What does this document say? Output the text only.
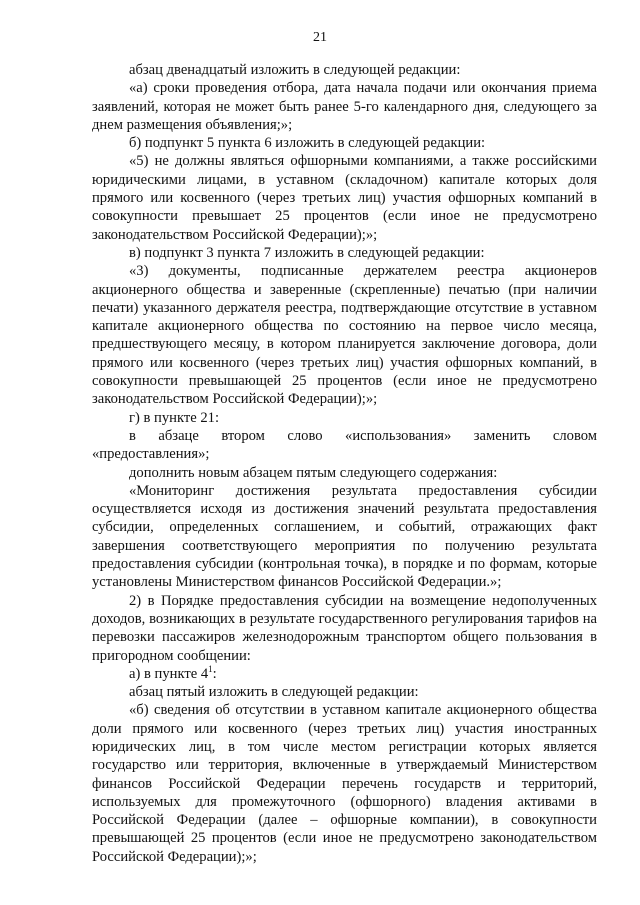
21

абзац двенадцатый изложить в следующей редакции:

«а) сроки проведения отбора, дата начала подачи или окончания приема заявлений, которая не может быть ранее 5-го календарного дня, следующего за днем размещения объявления;»;

б) подпункт 5 пункта 6 изложить в следующей редакции:

«5) не должны являться офшорными компаниями, а также российскими юридическими лицами, в уставном (складочном) капитале которых доля прямого или косвенного (через третьих лиц) участия офшорных компаний в совокупности превышает 25 процентов (если иное не предусмотрено законодательством Российской Федерации);»;

в) подпункт 3 пункта 7 изложить в следующей редакции:

«3) документы, подписанные держателем реестра акционеров акционерного общества и заверенные (скрепленные) печатью (при наличии печати) указанного держателя реестра, подтверждающие отсутствие в уставном капитале акционерного общества по состоянию на первое число месяца, предшествующего месяцу, в котором планируется заключение договора, доли прямого или косвенного (через третьих лиц) участия офшорных компаний, в совокупности превышающей 25 процентов (если иное не предусмотрено законодательством Российской Федерации);»;

г) в пункте 21:

в абзаце втором слово «использования» заменить словом «предоставления»;

дополнить новым абзацем пятым следующего содержания:

«Мониторинг достижения результата предоставления субсидии осуществляется исходя из достижения значений результата предоставления субсидии, определенных соглашением, и событий, отражающих факт завершения соответствующего мероприятия по получению результата предоставления субсидии (контрольная точка), в порядке и по формам, которые установлены Министерством финансов Российской Федерации.»;

2) в Порядке предоставления субсидии на возмещение недополученных доходов, возникающих в результате государственного регулирования тарифов на перевозки пассажиров железнодорожным транспортом общего пользования в пригородном сообщении:

а) в пункте $4^1$:

абзац пятый изложить в следующей редакции:

«б) сведения об отсутствии в уставном капитале акционерного общества доли прямого или косвенного (через третьих лиц) участия иностранных юридических лиц, в том числе местом регистрации которых является государство или территория, включенные в утверждаемый Министерством финансов Российской Федерации перечень государств и территорий, используемых для промежуточного (офшорного) владения активами в Российской Федерации (далее – офшорные компании), в совокупности превышающей 25 процентов (если иное не предусмотрено законодательством Российской Федерации);»;
